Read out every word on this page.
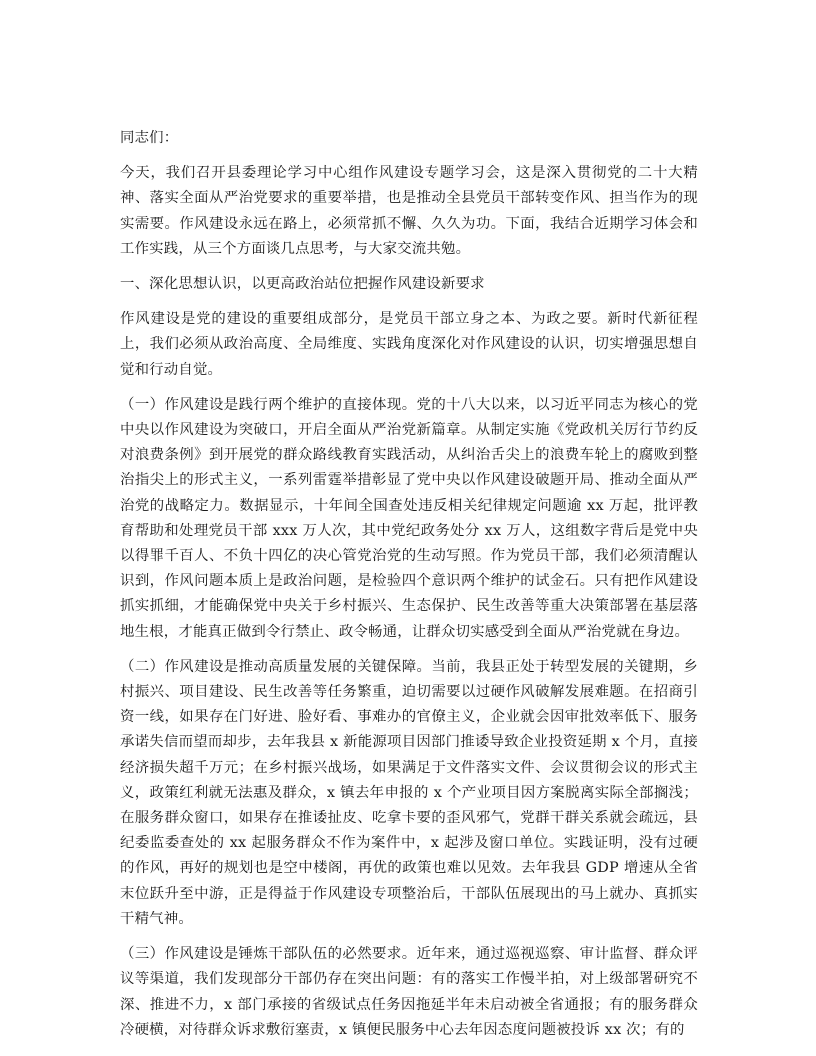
同志们：

今天，我们召开县委理论学习中心组作风建设专题学习会，这是深入贯彻党的二十大精神、落实全面从严治党要求的重要举措，也是推动全县党员干部转变作风、担当作为的现实需要。作风建设永远在路上，必须常抓不懈、久久为功。下面，我结合近期学习体会和工作实践，从三个方面谈几点思考，与大家交流共勉。

一、深化思想认识，以更高政治站位把握作风建设新要求

作风建设是党的建设的重要组成部分，是党员干部立身之本、为政之要。新时代新征程上，我们必须从政治高度、全局维度、实践角度深化对作风建设的认识，切实增强思想自觉和行动自觉。

（一）作风建设是践行两个维护的直接体现。党的十八大以来，以习近平同志为核心的党中央以作风建设为突破口，开启全面从严治党新篇章。从制定实施《党政机关厉行节约反对浪费条例》到开展党的群众路线教育实践活动，从纠治舌尖上的浪费车轮上的腐败到整治指尖上的形式主义，一系列雷霆举措彰显了党中央以作风建设破题开局、推动全面从严治党的战略定力。数据显示，十年间全国查处违反相关纪律规定问题逾 xx 万起，批评教育帮助和处理党员干部 xxx 万人次，其中党纪政务处分 xx 万人，这组数字背后是党中央以得罪千百人、不负十四亿的决心管党治党的生动写照。作为党员干部，我们必须清醒认识到，作风问题本质上是政治问题，是检验四个意识两个维护的试金石。只有把作风建设抓实抓细，才能确保党中央关于乡村振兴、生态保护、民生改善等重大决策部署在基层落地生根，才能真正做到令行禁止、政令畅通，让群众切实感受到全面从严治党就在身边。

（二）作风建设是推动高质量发展的关键保障。当前，我县正处于转型发展的关键期，乡村振兴、项目建设、民生改善等任务繁重，迫切需要以过硬作风破解发展难题。在招商引资一线，如果存在门好进、脸好看、事难办的官僚主义，企业就会因审批效率低下、服务承诺失信而望而却步，去年我县 x 新能源项目因部门推诿导致企业投资延期 x 个月，直接经济损失超千万元；在乡村振兴战场，如果满足于文件落实文件、会议贯彻会议的形式主义，政策红利就无法惠及群众，x 镇去年申报的 x 个产业项目因方案脱离实际全部搁浅；在服务群众窗口，如果存在推诿扯皮、吃拿卡要的歪风邪气，党群干群关系就会疏远，县纪委监委查处的 xx 起服务群众不作为案件中，x 起涉及窗口单位。实践证明，没有过硬的作风，再好的规划也是空中楼阁，再优的政策也难以见效。去年我县 GDP 增速从全省末位跃升至中游，正是得益于作风建设专项整治后，干部队伍展现出的马上就办、真抓实干精气神。

（三）作风建设是锤炼干部队伍的必然要求。近年来，通过巡视巡察、审计监督、群众评议等渠道，我们发现部分干部仍存在突出问题：有的落实工作慢半拍，对上级部署研究不深、推进不力，x 部门承接的省级试点任务因拖延半年未启动被全省通报；有的服务群众冷硬横，对待群众诉求敷衍塞责，x 镇便民服务中心去年因态度问题被投诉 xx 次；有的
